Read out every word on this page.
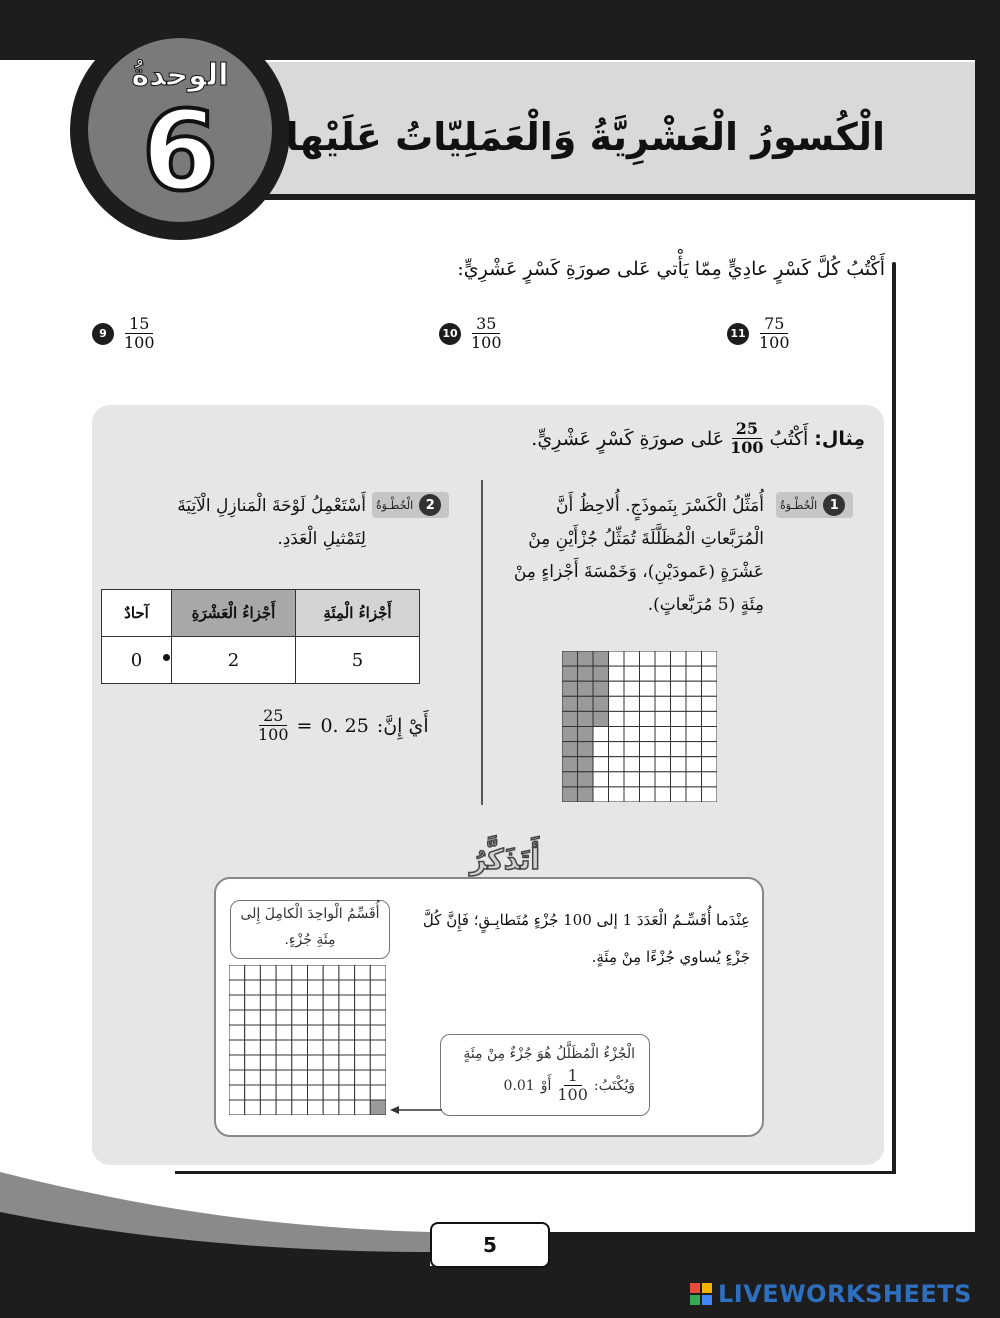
الوحدةُ
6	الْكُسورُ الْعَشْرِيَّةُ وَالْعَمَلِيّاتُ عَلَيْها
أَكْتُبُ كُلَّ كَسْرٍ عادِيٍّ مِمّا يَأْتي عَلى صورَةِ كَسْرٍ عَشْرِيٍّ:
9	$\frac{15}{100}$	$10 \frac{35}{100}$	$11 \frac{75}{100}$
مِثال:
أَكْتُبُ
$\frac{25}{100}$
عَلى صورَةِ كَسْرٍ عَشْرِيٍّ.
1
الْخُطْـوَةُ
أُمَثِّلُ الْكَسْرَ بِنَموذَجٍ. أُلاحِظُ أَنَّ الْمُرَبَّعاتِ الْمُظَلَّلَةَ تُمَثِّلُ جُزْأَيْنِ مِنْ عَشْرَةٍ (عَمودَيْنِ)، وَخَمْسَةَ أَجْزاءٍ مِنْ مِئَةٍ (5 مُرَبَّعاتٍ).
2
الْخُطْـوَةُ
أَسْتَعْمِلُ لَوْحَةَ الْمَنازِلِ الْآتِيَةَ لِتَمْثيلِ الْعَدَدِ.
آحادٌ	أَجْزاءُ الْعَشْرَةِ	أَجْزاءُ الْمِئَةِ
0	2	5
أَيْ إِنَّ:
0. 25
=
$\frac{25}{100}$
أَتَذَكَّرُ
عِنْدَما أُقَسِّـمُ الْعَدَدَ 1 إلى 100 جُزْءٍ مُتَطابِـقٍ؛ فَإِنَّ كُلَّ جَزْءٍ يُساوي جُزْءًا مِنْ مِئَةٍ.
أُقَسِّمُ الْواحِدَ الْكامِلَ إِلى مِئَةِ جُزْءٍ.
الْجُزْءُ الْمُظَلَّلُ هُوَ جُزْءٌ مِنْ مِئَةٍ
وَيُكْتَبُ:
$\frac{1}{100}$
أَوْ
0.01
5
LIVEWORKSHEETS
